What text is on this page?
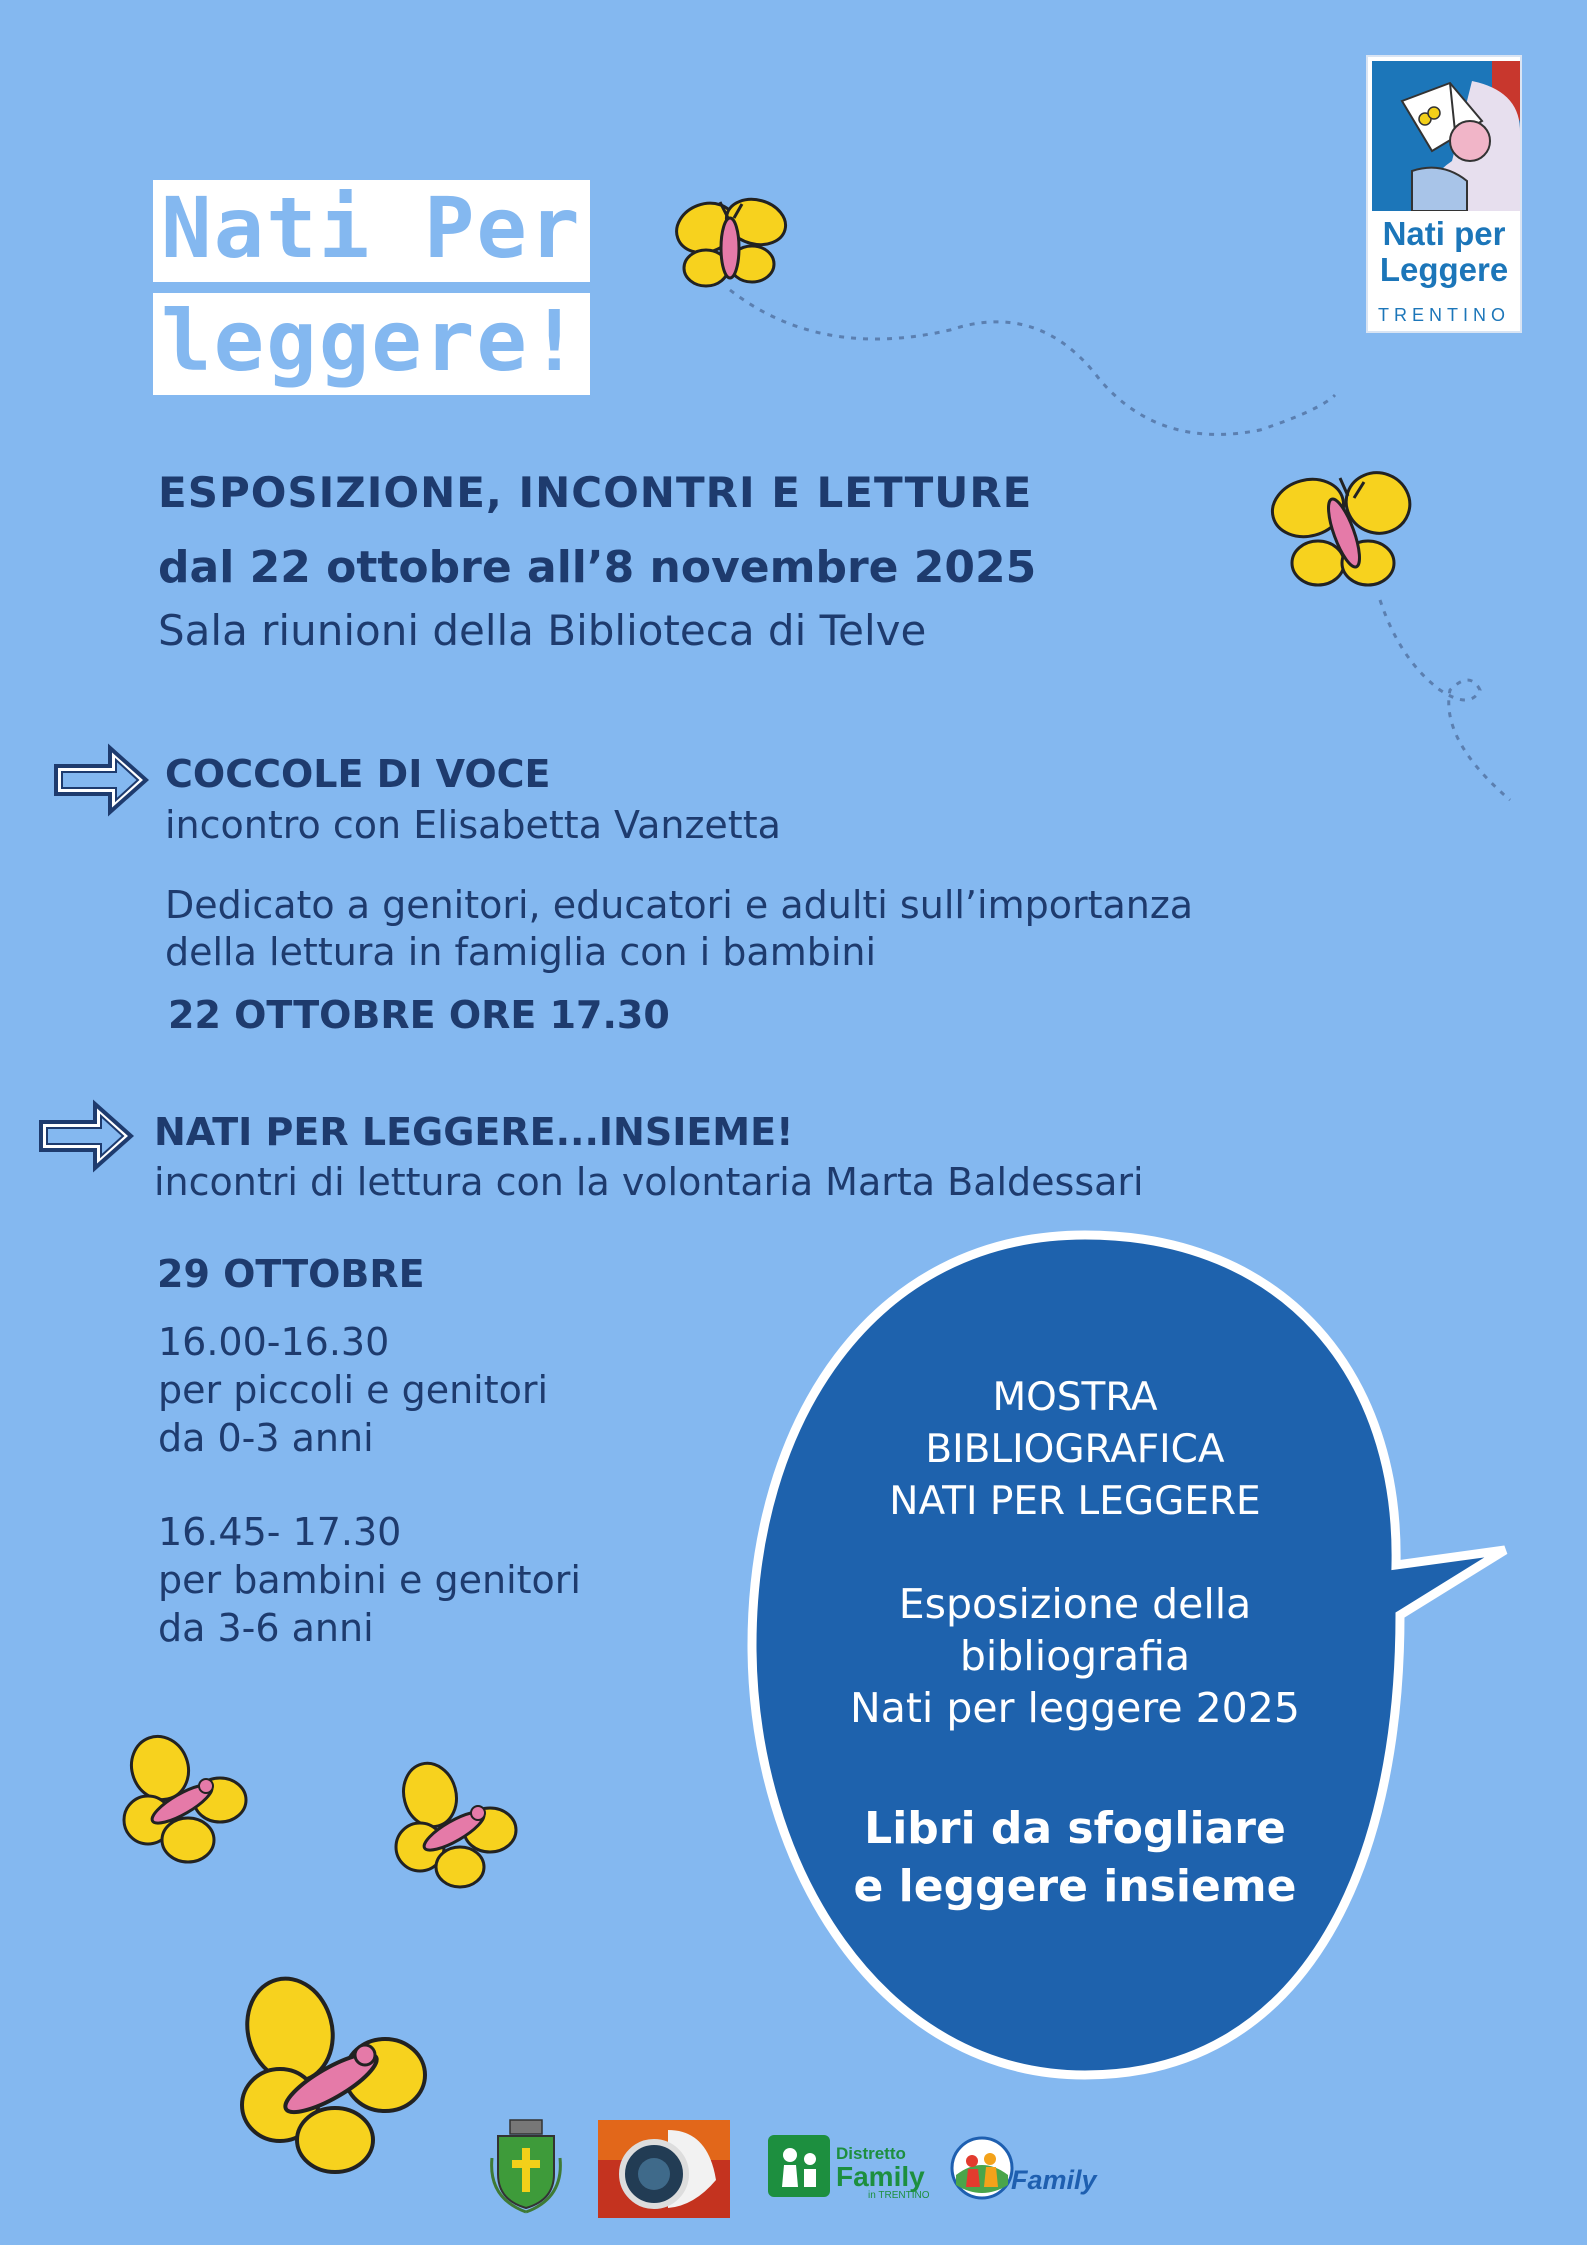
Nati Per
leggere!
Nati per
Leggere
TRENTINO
ESPOSIZIONE, INCONTRI E LETTURE
dal 22 ottobre all’8 novembre 2025
Sala riunioni della Biblioteca di Telve
COCCOLE DI VOCE
incontro con Elisabetta Vanzetta
Dedicato a genitori, educatori e adulti sull’importanza
della lettura in famiglia con i bambini
22 OTTOBRE ORE 17.30
NATI PER LEGGERE...INSIEME!
incontri di lettura con la volontaria Marta Baldessari
29 OTTOBRE
16.00-16.30
per piccoli e genitori
da 0-3 anni
16.45- 17.30
per bambini e genitori
da 3-6 anni
MOSTRA
BIBLIOGRAFICA
NATI PER LEGGERE
Esposizione della
bibliografia
Nati per leggere 2025
Libri da sfogliare
e leggere insieme
Distretto
Family
in TRENTINO
Family
